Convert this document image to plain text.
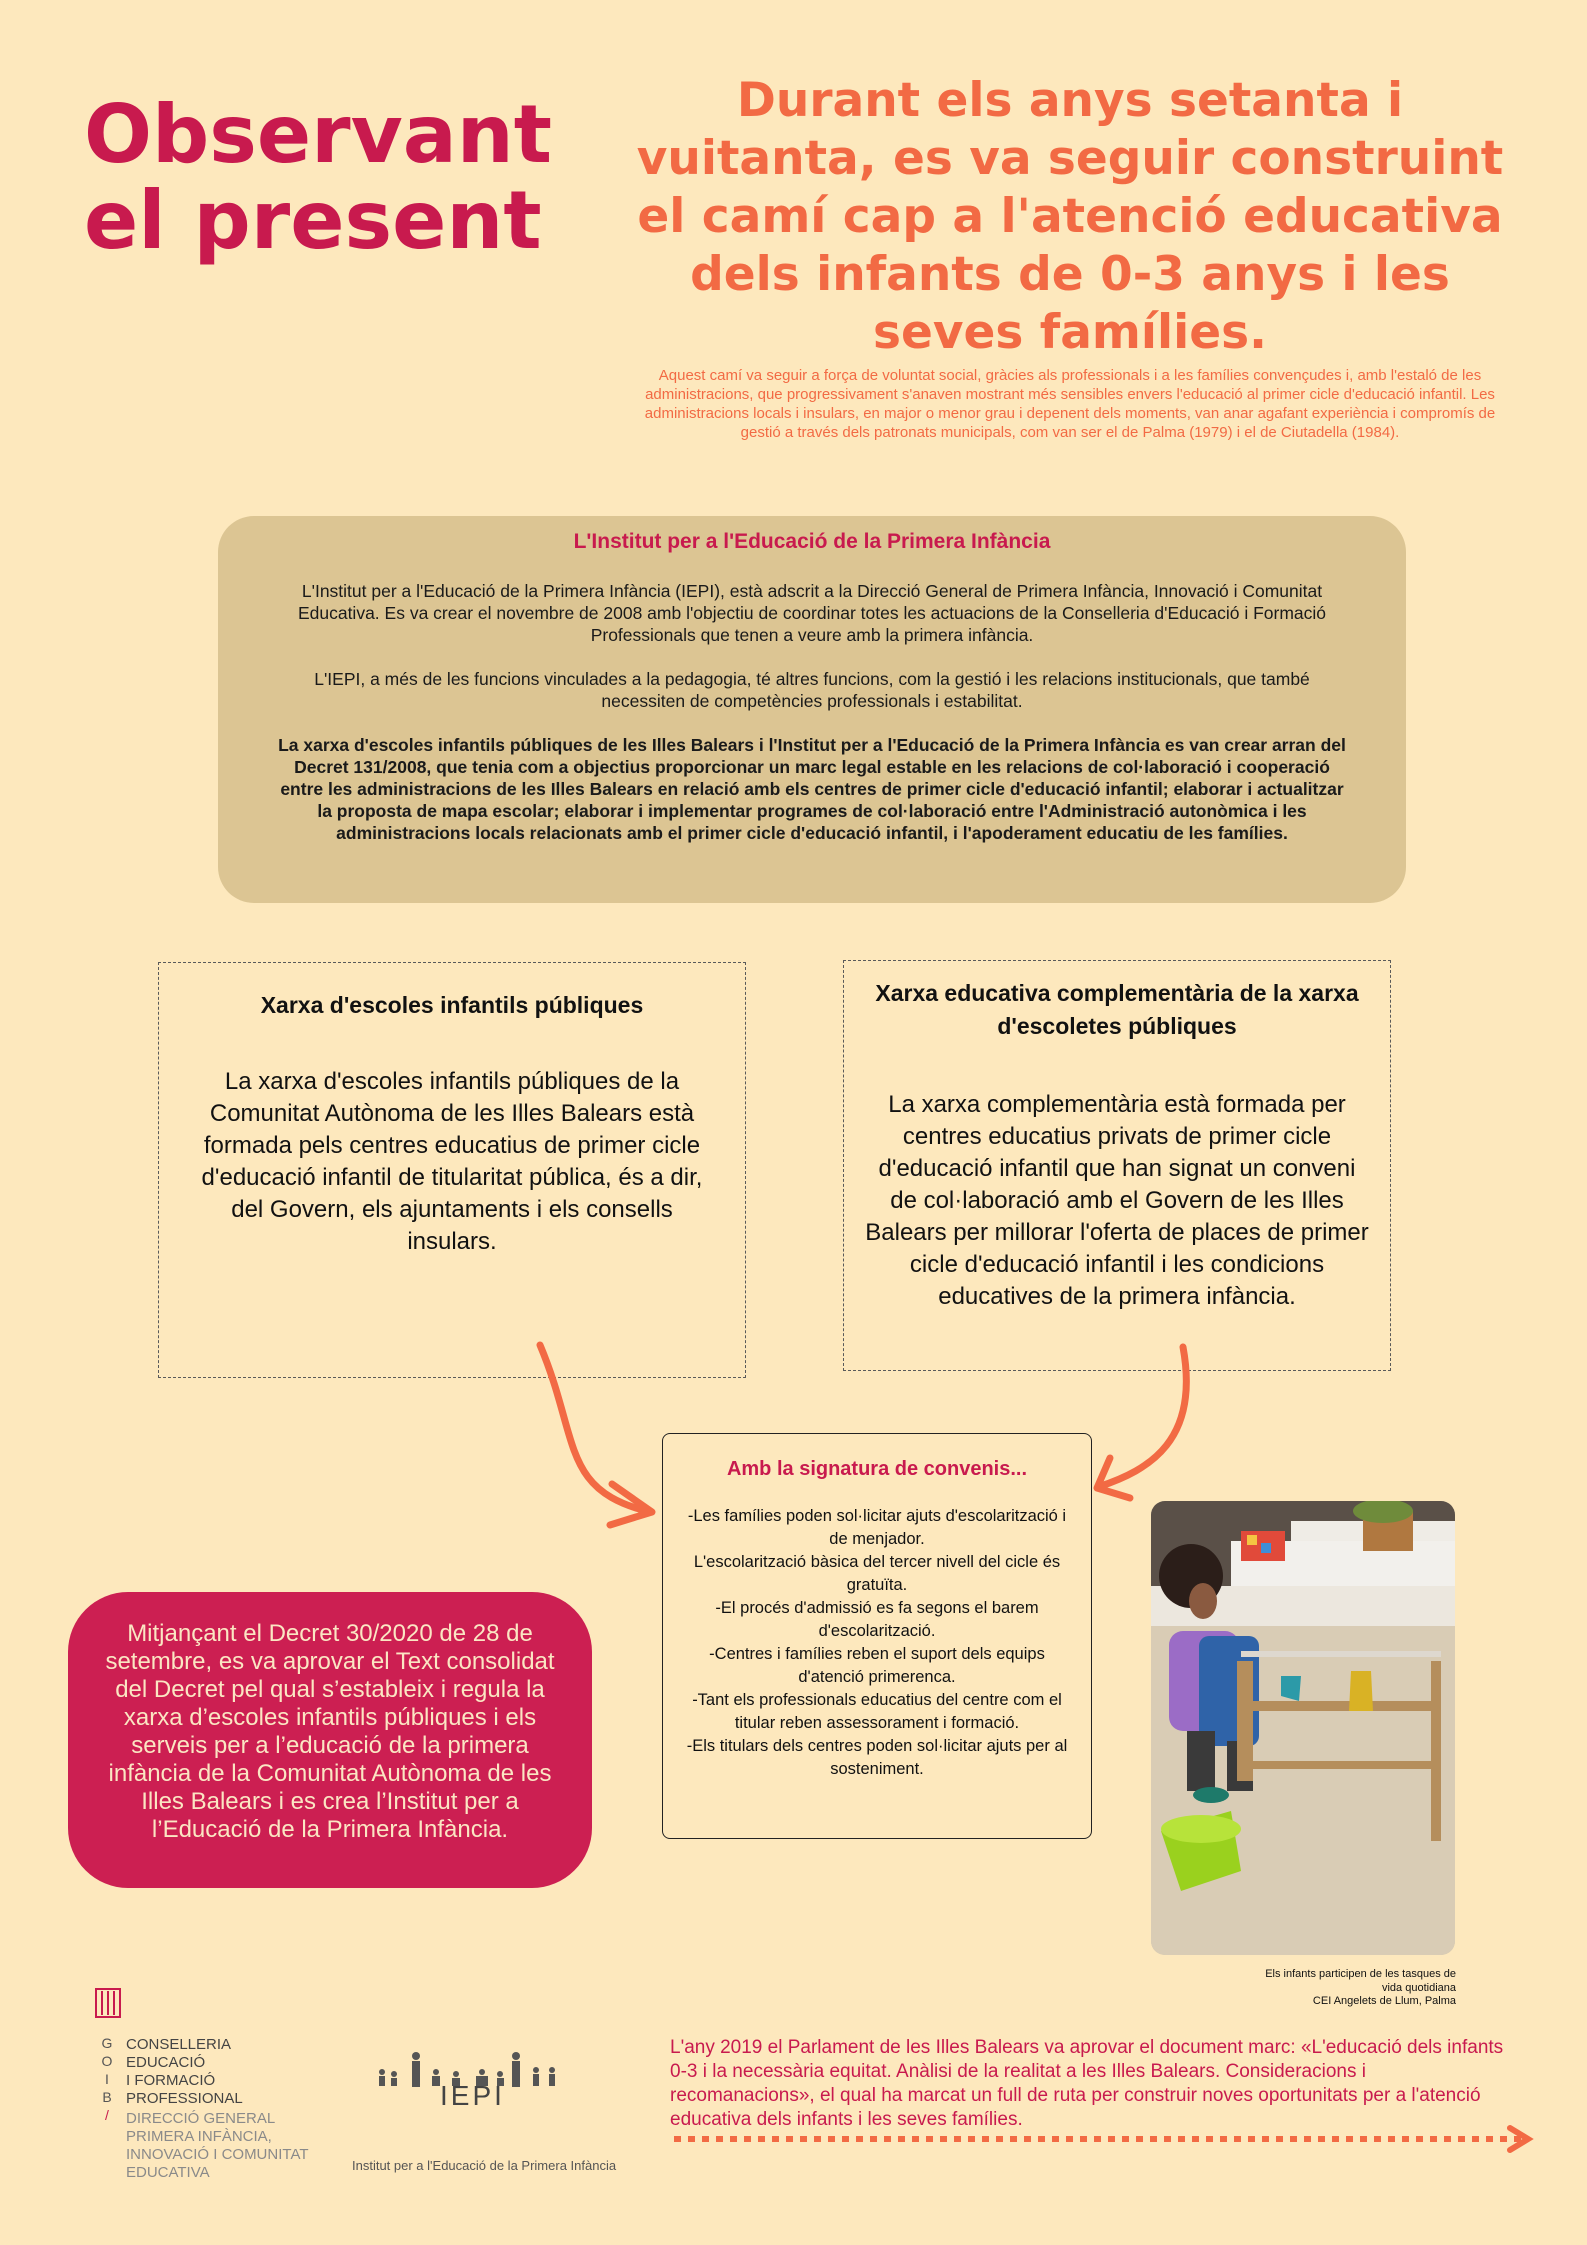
Observant
el present
Durant els anys setanta i vuitanta, es va seguir construint el camí cap a l'atenció educativa dels infants de 0-3 anys i les seves famílies.
Aquest camí va seguir a força de voluntat social, gràcies als professionals i a les famílies convençudes i, amb l'estaló de les administracions, que progressivament s'anaven mostrant més sensibles envers l'educació al primer cicle d'educació infantil. Les administracions locals i insulars, en major o menor grau i depenent dels moments, van anar agafant experiència i compromís de gestió a través dels patronats municipals, com van ser el de Palma (1979) i el de Ciutadella (1984).
L'Institut per a l'Educació de la Primera Infància

L'Institut per a l'Educació de la Primera Infància (IEPI), està adscrit a la Direcció General de Primera Infància, Innovació i Comunitat Educativa. Es va crear el novembre de 2008 amb l'objectiu de coordinar totes les actuacions de la Conselleria d'Educació i Formació Professionals que tenen a veure amb la primera infància.

L'IEPI, a més de les funcions vinculades a la pedagogia, té altres funcions, com la gestió i les relacions institucionals, que també necessiten de competències professionals i estabilitat.

La xarxa d'escoles infantils públiques de les Illes Balears i l'Institut per a l'Educació de la Primera Infància es van crear arran del Decret 131/2008, que tenia com a objectius proporcionar un marc legal estable en les relacions de col·laboració i cooperació entre les administracions de les Illes Balears en relació amb els centres de primer cicle d'educació infantil; elaborar i actualitzar la proposta de mapa escolar; elaborar i implementar programes de col·laboració entre l'Administració autonòmica i les administracions locals relacionats amb el primer cicle d'educació infantil, i l'apoderament educatiu de les famílies.

Xarxa d'escoles infantils públiques
La xarxa d'escoles infantils públiques de la Comunitat Autònoma de les Illes Balears està formada pels centres educatius de primer cicle d'educació infantil de titularitat pública, és a dir, del Govern, els ajuntaments i els consells insulars.
Xarxa educativa complementària de la xarxa d'escoletes públiques
La xarxa complementària està formada per centres educatius privats de primer cicle d'educació infantil que han signat un conveni de col·laboració amb el Govern de les Illes Balears per millorar l'oferta de places de primer cicle d'educació infantil i les condicions educatives de la primera infància.
Amb la signatura de convenis...
-Les famílies poden sol·licitar ajuts d'escolarització i de menjador.
L'escolarització bàsica del tercer nivell del cicle és gratuïta.
-El procés d'admissió es fa segons el barem d'escolarització.
-Centres i famílies reben el suport dels equips d'atenció primerenca.
-Tant els professionals educatius del centre com el titular reben assessorament i formació.
-Els titulars dels centres poden sol·licitar ajuts per al sosteniment.
Mitjançant el Decret 30/2020 de 28 de setembre, es va aprovar el Text consolidat del Decret pel qual s’estableix i regula la xarxa d’escoles infantils públiques i els serveis per a l’educació de la primera infància de la Comunitat Autònoma de les Illes Balears i es crea l’Institut per a l’Educació de la Primera Infància.
Els infants participen de les tasques de
vida quotidiana
CEI Angelets de Llum, Palma
L'any 2019 el Parlament de les Illes Balears va aprovar el document marc: «L'educació dels infants 0-3 i la necessària equitat. Anàlisi de la realitat a les Illes Balears. Consideracions i recomanacions», el qual ha marcat un full de ruta per construir noves oportunitats per a l'atenció educativa dels infants i les seves famílies.
G
O
I
B
/
CONSELLERIA
EDUCACIÓ
I FORMACIÓ
PROFESSIONAL
DIRECCIÓ GENERAL
PRIMERA INFÀNCIA,
INNOVACIÓ I COMUNITAT
EDUCATIVA
IEPI
Institut per a l'Educació de la Primera Infància
